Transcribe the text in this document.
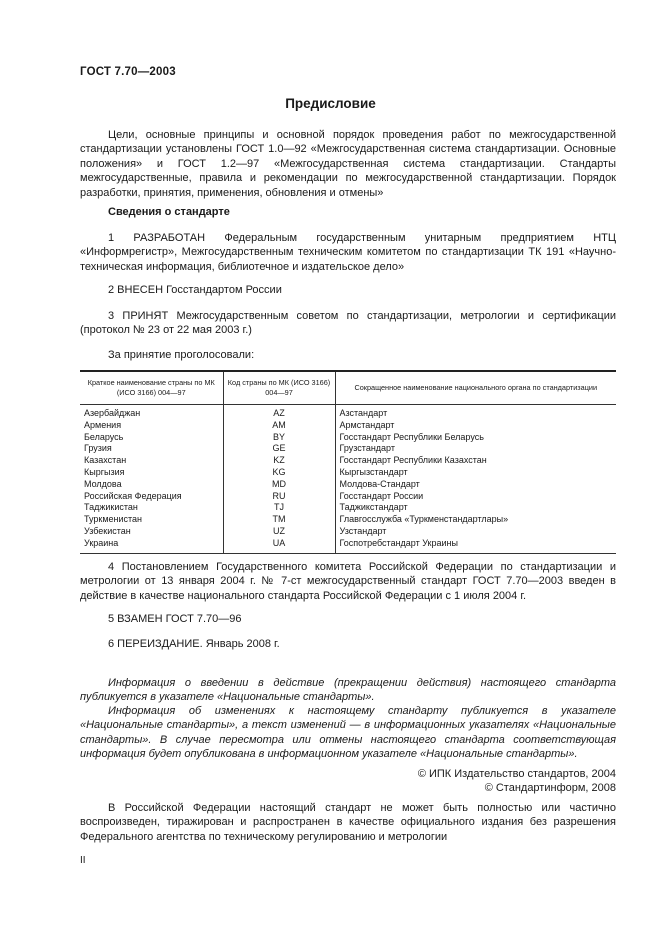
ГОСТ 7.70—2003
Предисловие
Цели, основные принципы и основной порядок проведения работ по межгосударственной стандартизации установлены ГОСТ 1.0—92 «Межгосударственная система стандартизации. Основные положения» и ГОСТ 1.2—97 «Межгосударственная система стандартизации. Стандарты межгосударственные, правила и рекомендации по межгосударственной стандартизации. Порядок разработки, принятия, применения, обновления и отмены»
Сведения о стандарте
1 РАЗРАБОТАН Федеральным государственным унитарным предприятием НТЦ «Информрегистр», Межгосударственным техническим комитетом по стандартизации ТК 191 «Научно-техническая информация, библиотечное и издательское дело»
2 ВНЕСЕН Госстандартом России
3 ПРИНЯТ Межгосударственным советом по стандартизации, метрологии и сертификации (протокол № 23 от 22 мая 2003 г.)
За принятие проголосовали:
Краткое наименование страны по МК (ИСО 3166) 004—97	Код страны по МК (ИСО 3166) 004—97	Сокращенное наименование национального органа по стандартизации
Азербайджан	AZ	Азстандарт
Армения	AM	Армстандарт
Беларусь	BY	Госстандарт Республики Беларусь
Грузия	GE	Грузстандарт
Казахстан	KZ	Госстандарт Республики Казахстан
Кыргызия	KG	Кыргызстандарт
Молдова	MD	Молдова-Стандарт
Российская Федерация	RU	Госстандарт России
Таджикистан	TJ	Таджикстандарт
Туркменистан	TM	Главгосслужба «Туркменстандартлары»
Узбекистан	UZ	Узстандарт
Украина	UA	Госпотребстандарт Украины
4 Постановлением Государственного комитета Российской Федерации по стандартизации и метрологии от 13 января 2004 г. № 7-ст межгосударственный стандарт ГОСТ 7.70—2003 введен в действие в качестве национального стандарта Российской Федерации с 1 июля 2004 г.
5 ВЗАМЕН ГОСТ 7.70—96
6 ПЕРЕИЗДАНИЕ. Январь 2008 г.
Информация о введении в действие (прекращении действия) настоящего стандарта публикуется в указателе «Национальные стандарты».
Информация об изменениях к настоящему стандарту публикуется в указателе «Национальные стандарты», а текст изменений — в информационных указателях «Национальные стандарты». В случае пересмотра или отмены настоящего стандарта соответствующая информация будет опубликована в информационном указателе «Национальные стандарты».
© ИПК Издательство стандартов, 2004
© Стандартинформ, 2008
В Российской Федерации настоящий стандарт не может быть полностью или частично воспроизведен, тиражирован и распространен в качестве официального издания без разрешения Федерального агентства по техническому регулированию и метрологии
II
